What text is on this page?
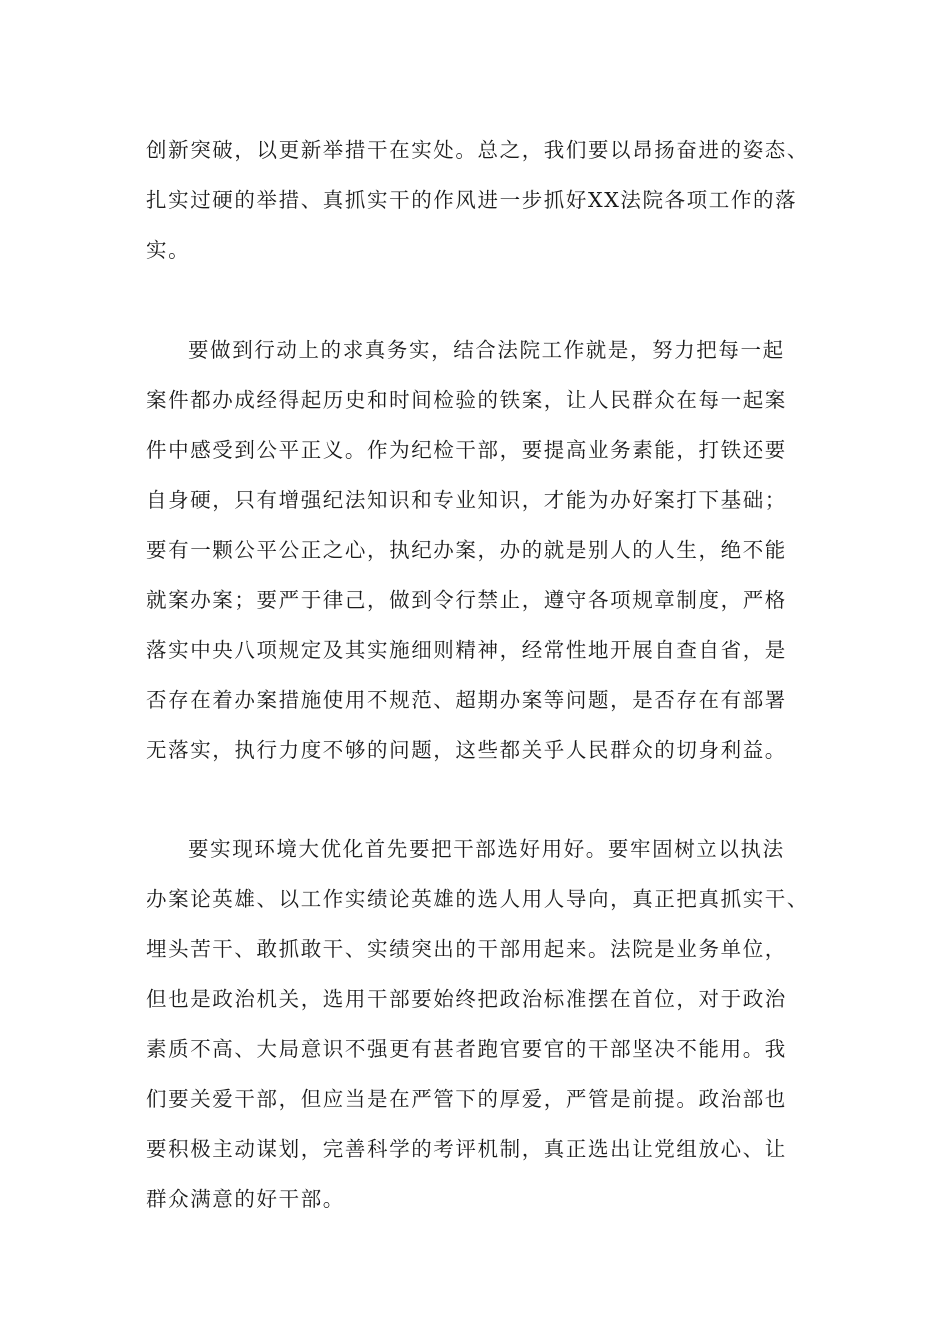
创新突破，以更新举措干在实处。总之，我们要以昂扬奋进的姿态、
扎实过硬的举措、真抓实干的作风进一步抓好XX法院各项工作的落
实。
要做到行动上的求真务实，结合法院工作就是，努力把每一起
案件都办成经得起历史和时间检验的铁案，让人民群众在每一起案
件中感受到公平正义。作为纪检干部，要提高业务素能，打铁还要
自身硬，只有增强纪法知识和专业知识，才能为办好案打下基础；
要有一颗公平公正之心，执纪办案，办的就是别人的人生，绝不能
就案办案；要严于律己，做到令行禁止，遵守各项规章制度，严格
落实中央八项规定及其实施细则精神，经常性地开展自查自省，是
否存在着办案措施使用不规范、超期办案等问题，是否存在有部署
无落实，执行力度不够的问题，这些都关乎人民群众的切身利益。
要实现环境大优化首先要把干部选好用好。要牢固树立以执法
办案论英雄、以工作实绩论英雄的选人用人导向，真正把真抓实干、
埋头苦干、敢抓敢干、实绩突出的干部用起来。法院是业务单位，
但也是政治机关，选用干部要始终把政治标准摆在首位，对于政治
素质不高、大局意识不强更有甚者跑官要官的干部坚决不能用。我
们要关爱干部，但应当是在严管下的厚爱，严管是前提。政治部也
要积极主动谋划，完善科学的考评机制，真正选出让党组放心、让
群众满意的好干部。
